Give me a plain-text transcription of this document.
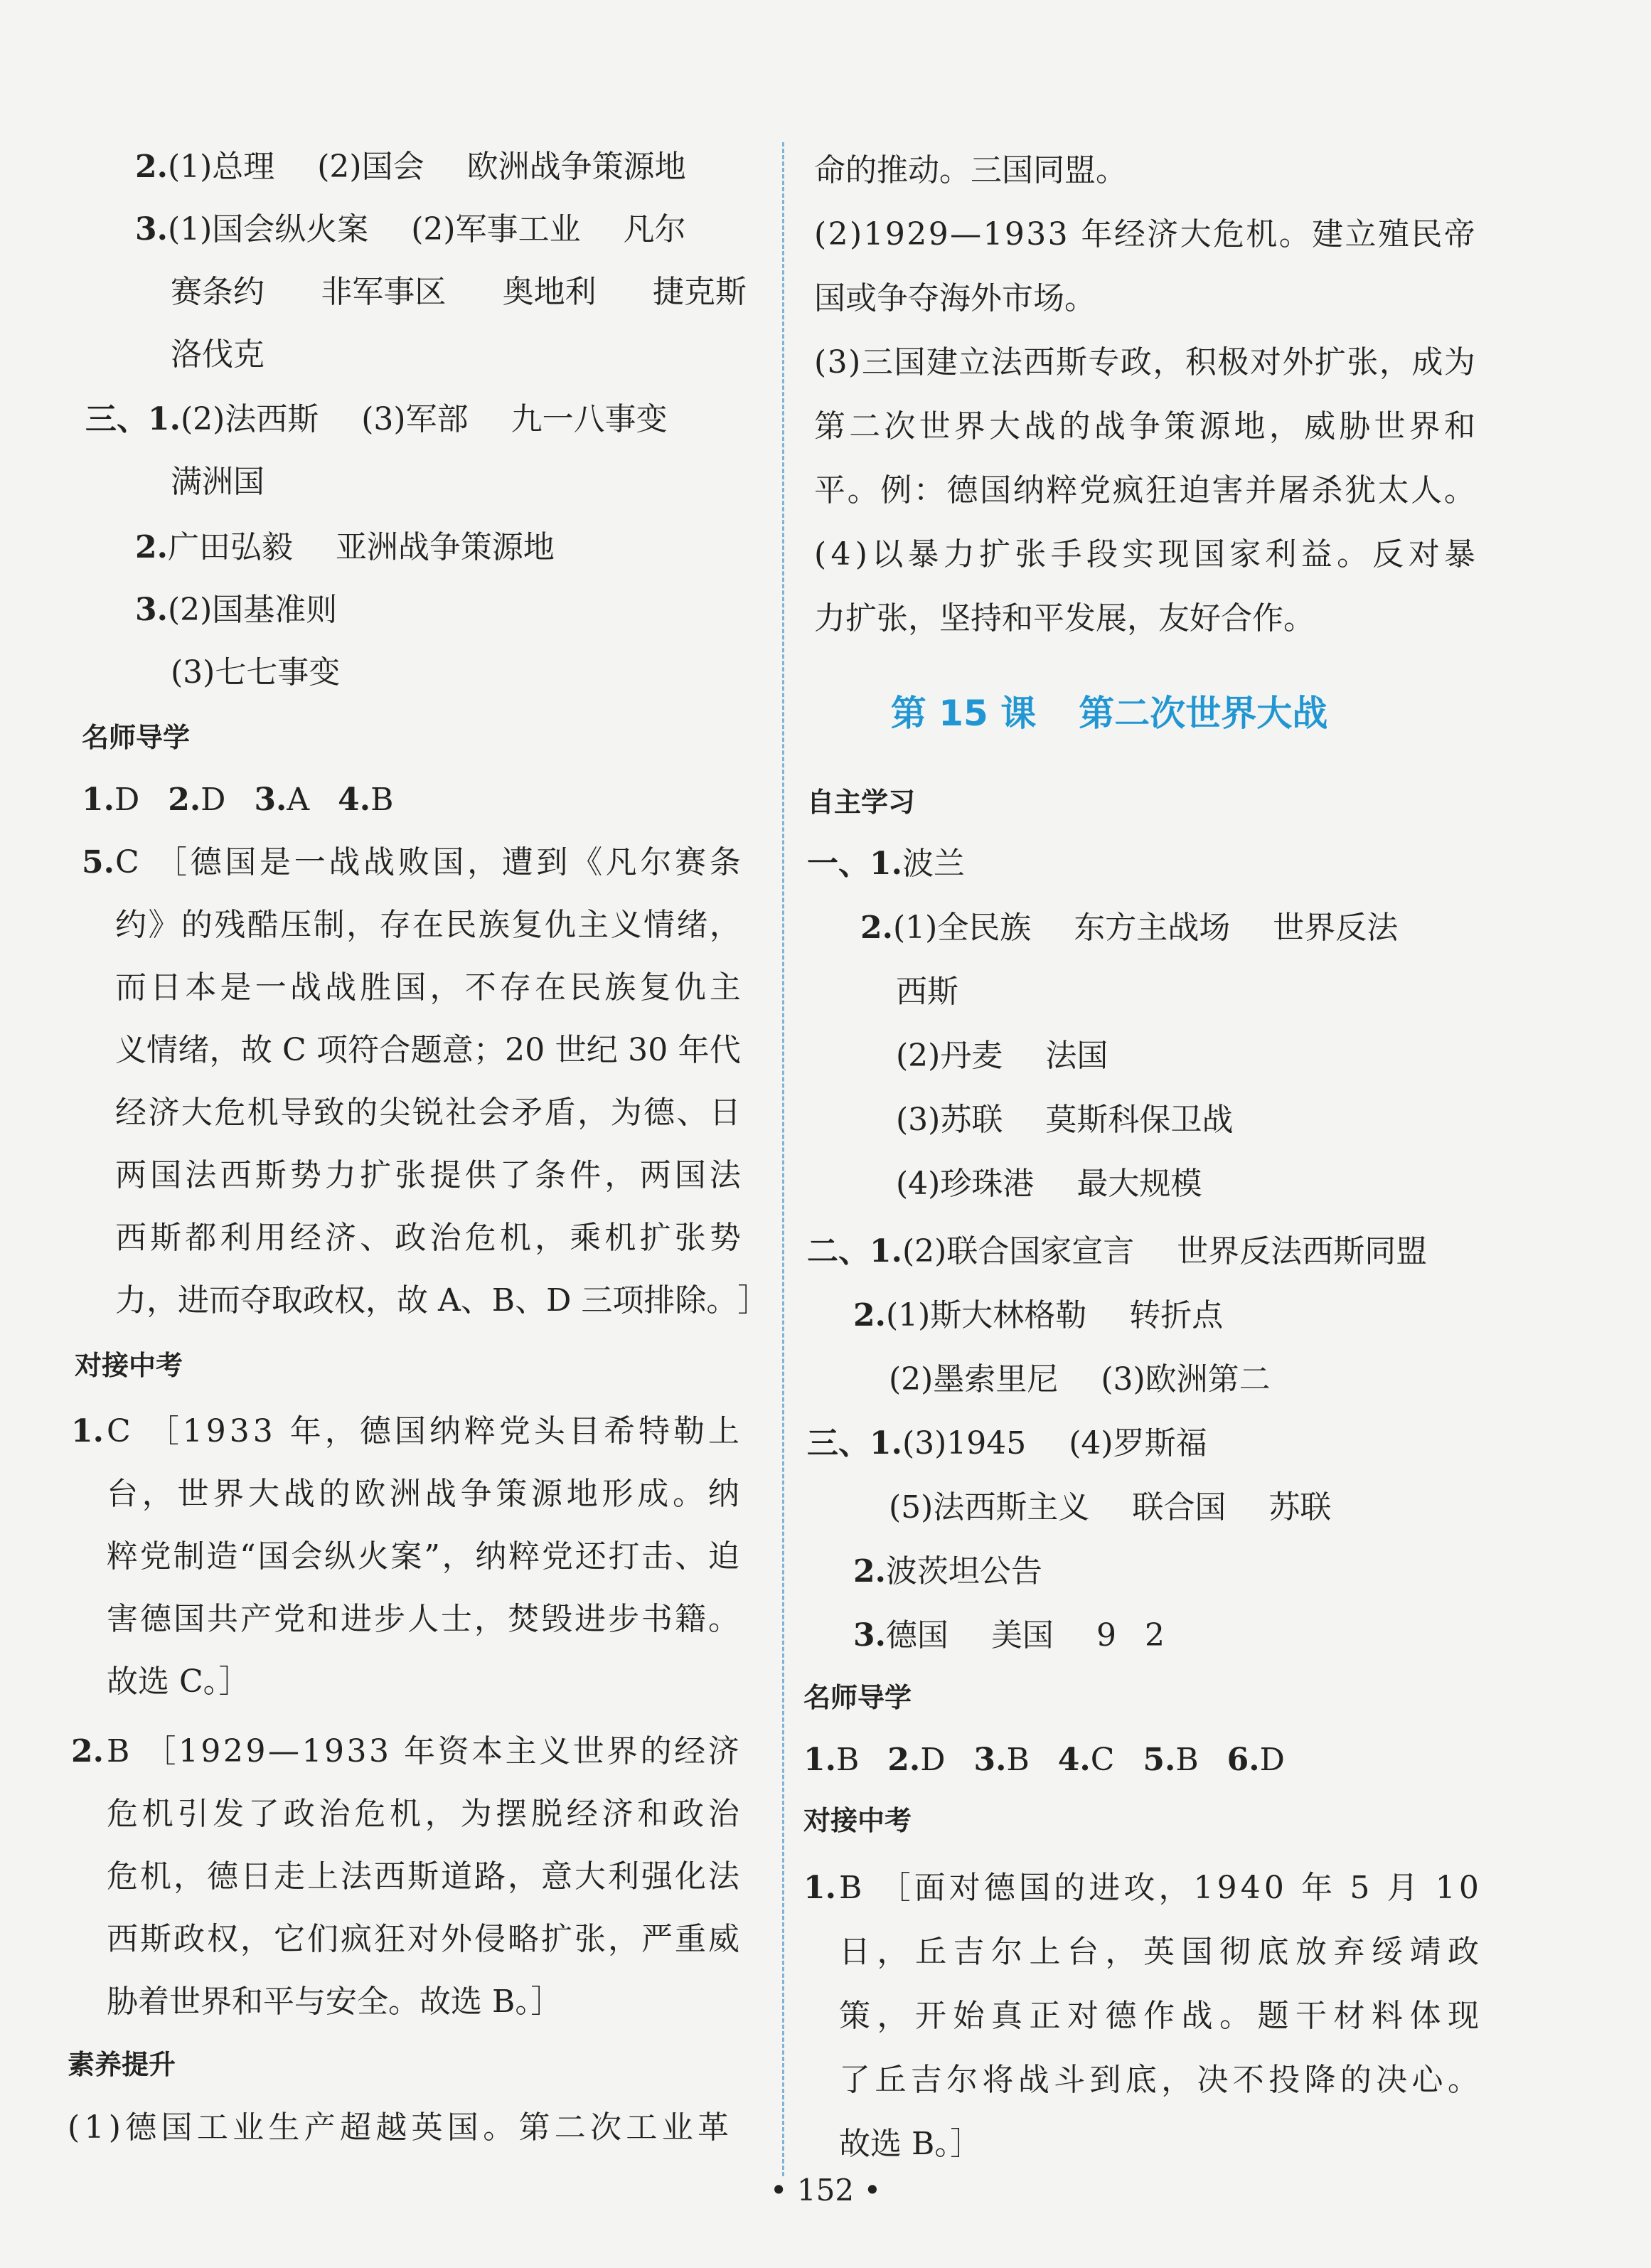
2.(1)总理 (2)国会 欧洲战争策源地
3.(1)国会纵火案 (2)军事工业 凡尔
赛条约 非军事区 奥地利 捷克斯
洛伐克
三、1.(2)法西斯 (3)军部 九一八事变
满洲国
2.广田弘毅 亚洲战争策源地
3.(2)国基准则
(3)七七事变
名师导学
1.D 2.D 3.A 4.B
5. C
［ 德 国 是 一 战 战 败 国 ， 遭 到 《 凡 尔 赛 条
约 》 的 残 酷 压 制 ， 存 在 民 族 复 仇 主 义 情 绪 ，
而 日 本 是 一 战 战 胜 国 ， 不 存 在 民 族 复 仇 主
义 情 绪 ， 故
C
项 符 合 题 意 ； 2 0
世 纪
3 0
年 代
经 济 大 危 机 导 致 的 尖 锐 社 会 矛 盾 ， 为 德 、 日
两 国 法 西 斯 势 力 扩 张 提 供 了 条 件 ， 两 国 法
西 斯 都 利 用 经 济 、 政 治 危 机 ， 乘 机 扩 张 势
力 ， 进 而 夺 取 政 权 ， 故
A 、 B 、 D
三 项 排 除 。 ］
对接中考
1. C
［ 1 9 3 3
年 ， 德 国 纳 粹 党 头 目 希 特 勒 上
台 ， 世 界 大 战 的 欧 洲 战 争 策 源 地 形 成 。 纳
粹 党 制 造 “ 国 会 纵 火 案 ” ， 纳 粹 党 还 打 击 、 迫
害 德 国 共 产 党 和 进 步 人 士 ， 焚 毁 进 步 书 籍 。
故选 C。］
2. B
［ 1 9 2 9 — 1 9 3 3
年 资 本 主 义 世 界 的 经 济
危 机 引 发 了 政 治 危 机 ， 为 摆 脱 经 济 和 政 治
危 机 ， 德 日 走 上 法 西 斯 道 路 ， 意 大 利 强 化 法
西 斯 政 权 ， 它 们 疯 狂 对 外 侵 略 扩 张 ， 严 重 威
胁着世界和平与安全。故选 B。］
素养提升
( 1 ) 德 国 工 业 生 产 超 越 英 国 。 第 二 次 工 业 革
命的推动。三国同盟。
( 2 ) 1 9 2 9 — 1 9 3 3
年 经 济 大 危 机 。 建 立 殖 民 帝
国或争夺海外市场。
( 3 ) 三 国 建 立 法 西 斯 专 政 ， 积 极 对 外 扩 张 ， 成 为
第 二 次 世 界 大 战 的 战 争 策 源 地 ， 威 胁 世 界 和
平 。 例 ： 德 国 纳 粹 党 疯 狂 迫 害 并 屠 杀 犹 太 人 。
( 4 ) 以 暴 力 扩 张 手 段 实 现 国 家 利 益 。 反 对 暴
力扩张，坚持和平发展，友好合作。
第 15 课 第二次世界大战
自主学习
一、1.波兰
2.(1)全民族 东方主战场 世界反法
西斯
(2)丹麦 法国
(3)苏联 莫斯科保卫战
(4)珍珠港 最大规模
二、1.(2)联合国家宣言 世界反法西斯同盟
2.(1)斯大林格勒 转折点
(2)墨索里尼 (3)欧洲第二
三、1.(3)1945 (4)罗斯福
(5)法西斯主义 联合国 苏联
2.波茨坦公告
3.德国 美国 9 2
名师导学
1.B 2.D 3.B 4.C 5.B 6.D
对接中考
1. B
［ 面 对 德 国 的 进 攻 ， 1 9 4 0
年
5
月
1 0
日 ， 丘 吉 尔 上 台 ， 英 国 彻 底 放 弃 绥 靖 政
策 ， 开 始 真 正 对 德 作 战 。 题 干 材 料 体 现
了 丘 吉 尔 将 战 斗 到 底 ， 决 不 投 降 的 决 心 。
故选 B。］
• 152 •
